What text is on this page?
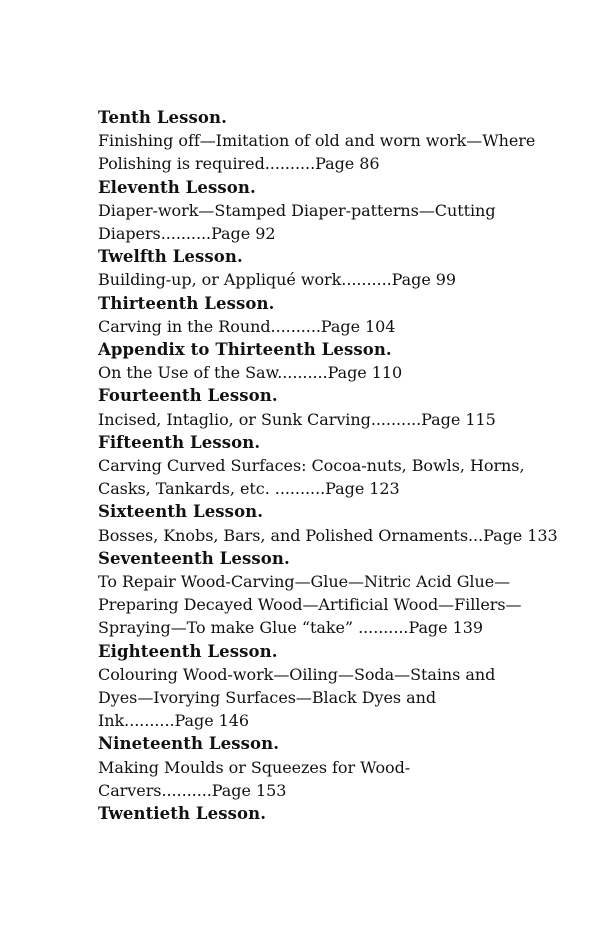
Tenth Lesson.
Finishing off—Imitation of old and worn work—Where
Polishing is required..........Page 86
Eleventh Lesson.
Diaper-work—Stamped Diaper-patterns—Cutting
Diapers..........Page 92
Twelfth Lesson.
Building-up, or Appliqué work..........Page 99
Thirteenth Lesson.
Carving in the Round..........Page 104
Appendix to Thirteenth Lesson.
On the Use of the Saw..........Page 110
Fourteenth Lesson.
Incised, Intaglio, or Sunk Carving..........Page 115
Fifteenth Lesson.
Carving Curved Surfaces: Cocoa-nuts, Bowls, Horns,
Casks, Tankards, etc. ..........Page 123
Sixteenth Lesson.
Bosses, Knobs, Bars, and Polished Ornaments...Page 133
Seventeenth Lesson.
To Repair Wood-Carving—Glue—Nitric Acid Glue—
Preparing Decayed Wood—Artificial Wood—Fillers—
Spraying—To make Glue “take” ..........Page 139
Eighteenth Lesson.
Colouring Wood-work—Oiling—Soda—Stains and
Dyes—Ivorying Surfaces—Black Dyes and
Ink..........Page 146
Nineteenth Lesson.
Making Moulds or Squeezes for Wood-
Carvers..........Page 153
Twentieth Lesson.
